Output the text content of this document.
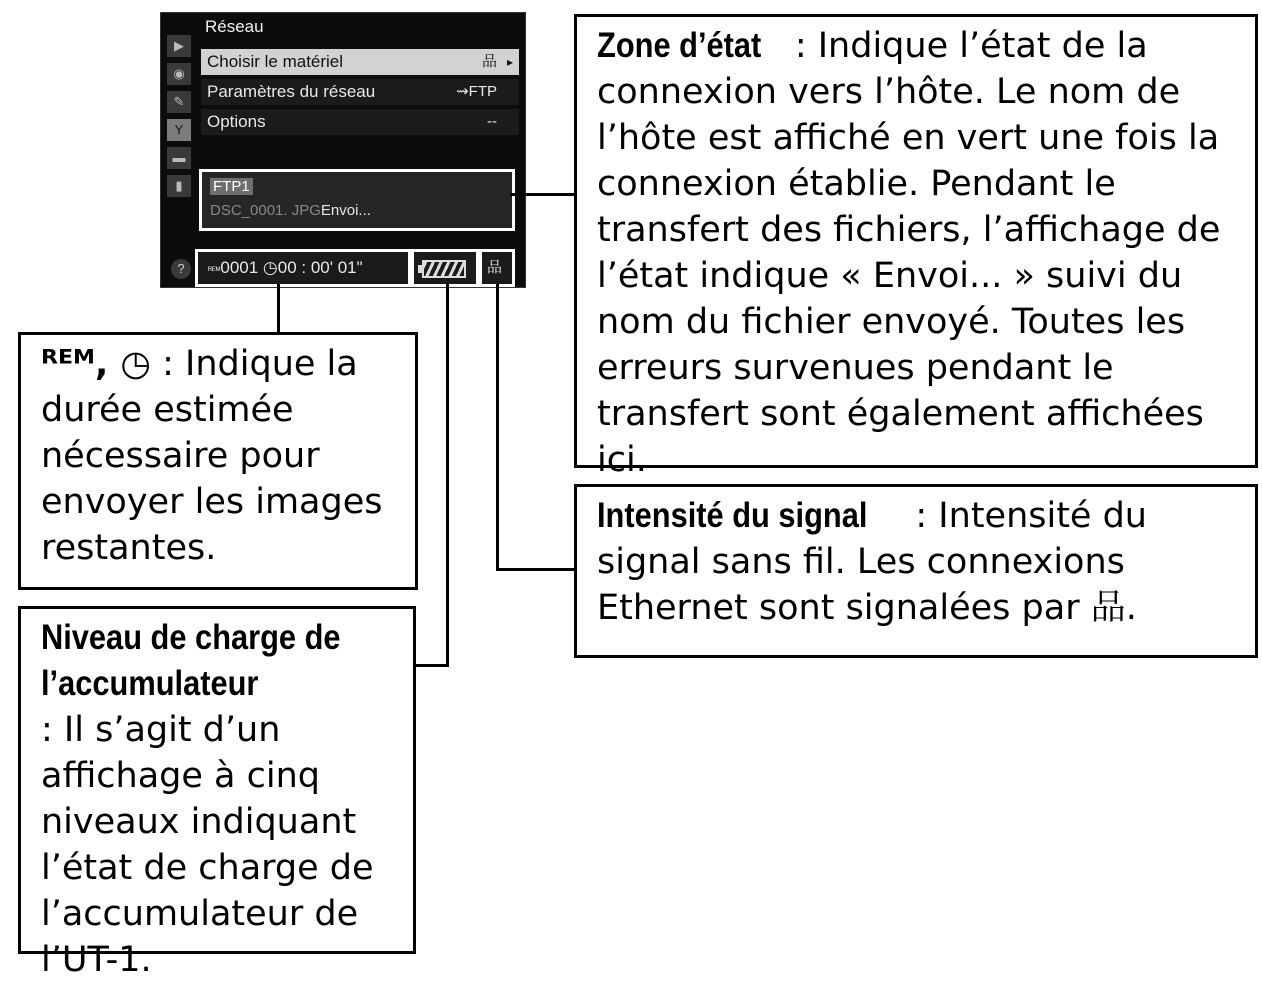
▶
◉
✎
Y
▬
▮
?
Réseau
Choisir le matériel	品 ▸
Paramètres du réseau	⇝FTP
Options	--
FTP1
DSC_0001. JPGEnvoi...
ᴿᴱᴹ0001 ◷00 : 00' 01"	品
Zone d’état : Indique l’état de la connexion vers l’hôte. Le nom de l’hôte est affiché en vert une fois la connexion établie. Pendant le transfert des fichiers, l’affichage de l’état indique « Envoi... » suivi du nom du fichier envoyé. Toutes les erreurs survenues pendant le transfert sont également affichées ici.
Intensité du signal : Intensité du signal sans fil. Les connexions Ethernet sont signalées par 品.
ᴿᴱᴹ, ◷ : Indique la durée estimée nécessaire pour envoyer les images restantes.
Niveau de charge de l’accumulateur : Il s’agit d’un affichage à cinq niveaux indiquant l’état de charge de l’accumulateur de l’UT-1.
